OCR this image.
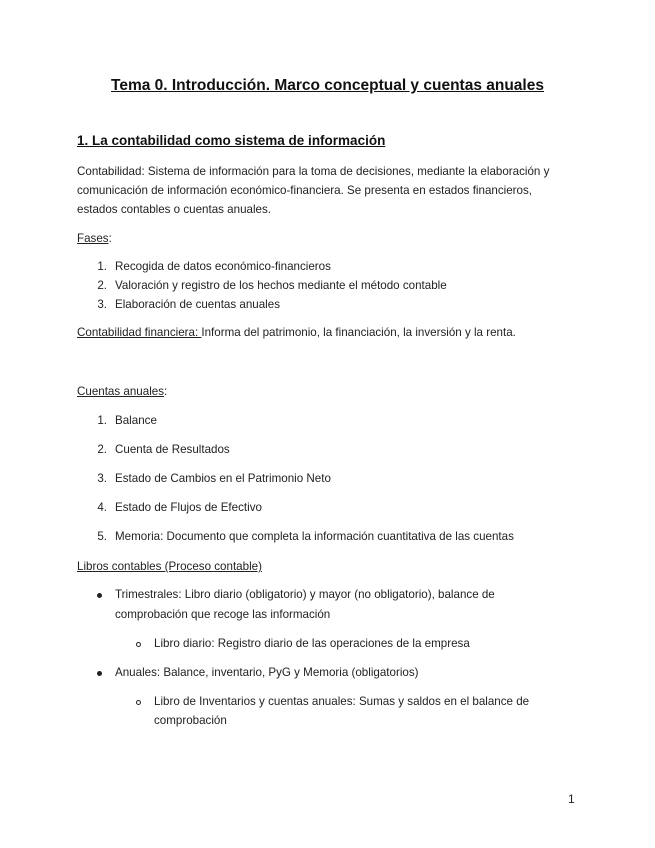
Tema 0. Introducción. Marco conceptual y cuentas anuales
1. La contabilidad como sistema de información
Contabilidad: Sistema de información para la toma de decisiones, mediante la elaboración y
comunicación de información económico-financiera. Se presenta en estados financieros,
estados contables o cuentas anuales.
Fases:
1. Recogida de datos económico-financieros
2. Valoración y registro de los hechos mediante el método contable
3. Elaboración de cuentas anuales
Contabilidad financiera: Informa del patrimonio, la financiación, la inversión y la renta.
Cuentas anuales:
1. Balance
2. Cuenta de Resultados
3. Estado de Cambios en el Patrimonio Neto
4. Estado de Flujos de Efectivo
5. Memoria: Documento que completa la información cuantitativa de las cuentas
Libros contables (Proceso contable)
Trimestrales: Libro diario (obligatorio) y mayor (no obligatorio), balance de
comprobación que recoge las información
Libro diario: Registro diario de las operaciones de la empresa
Anuales: Balance, inventario, PyG y Memoria (obligatorios)
Libro de Inventarios y cuentas anuales: Sumas y saldos en el balance de
comprobación
1
